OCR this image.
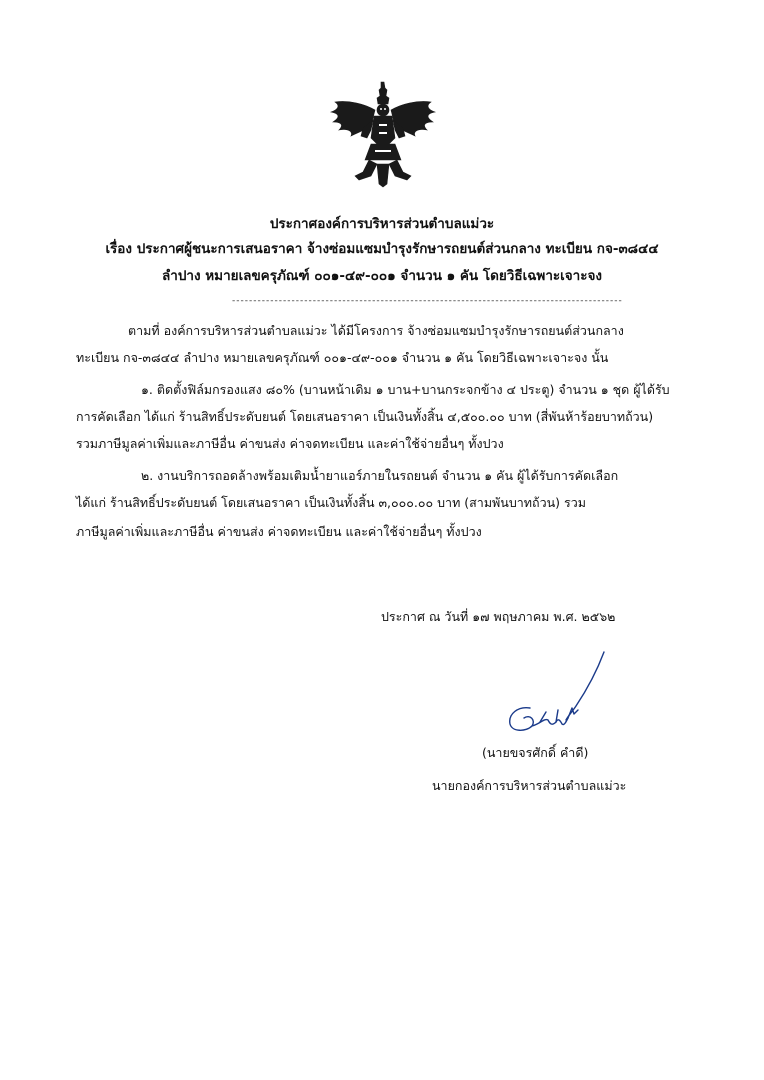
ประกาศองค์การบริหารส่วนตำบลแม่วะ
เรื่อง ประกาศผู้ชนะการเสนอราคา จ้างซ่อมแซมบำรุงรักษารถยนต์ส่วนกลาง ทะเบียน กจ-๓๘๔๔
ลำปาง หมายเลขครุภัณฑ์ ๐๐๑-๔๙-๐๐๑ จำนวน ๑ คัน โดยวิธีเฉพาะเจาะจง
--------------------------------------------------------------------------------------------
ตามที่ องค์การบริหารส่วนตำบลแม่วะ ได้มีโครงการ จ้างซ่อมแซมบำรุงรักษารถยนต์ส่วนกลาง
ทะเบียน กจ-๓๘๔๔ ลำปาง หมายเลขครุภัณฑ์ ๐๐๑-๔๙-๐๐๑ จำนวน ๑ คัน โดยวิธีเฉพาะเจาะจง นั้น
๑. ติดตั้งฟิล์มกรองแสง ๘๐% (บานหน้าเดิม ๑ บาน+บานกระจกข้าง ๔ ประตู) จำนวน ๑ ชุด ผู้ได้รับ
การคัดเลือก ได้แก่ ร้านสิทธิ์ประดับยนต์ โดยเสนอราคา เป็นเงินทั้งสิ้น ๔,๕๐๐.๐๐ บาท (สี่พันห้าร้อยบาทถ้วน)
รวมภาษีมูลค่าเพิ่มและภาษีอื่น ค่าขนส่ง ค่าจดทะเบียน และค่าใช้จ่ายอื่นๆ ทั้งปวง
๒. งานบริการถอดล้างพร้อมเติมน้ำยาแอร์ภายในรถยนต์ จำนวน ๑ คัน ผู้ได้รับการคัดเลือก
ได้แก่ ร้านสิทธิ์ประดับยนต์ โดยเสนอราคา เป็นเงินทั้งสิ้น ๓,๐๐๐.๐๐ บาท (สามพันบาทถ้วน) รวม
ภาษีมูลค่าเพิ่มและภาษีอื่น ค่าขนส่ง ค่าจดทะเบียน และค่าใช้จ่ายอื่นๆ ทั้งปวง
ประกาศ ณ วันที่ ๑๗ พฤษภาคม พ.ศ. ๒๕๖๒
(นายขจรศักดิ์ คำดี)
นายกองค์การบริหารส่วนตำบลแม่วะ
